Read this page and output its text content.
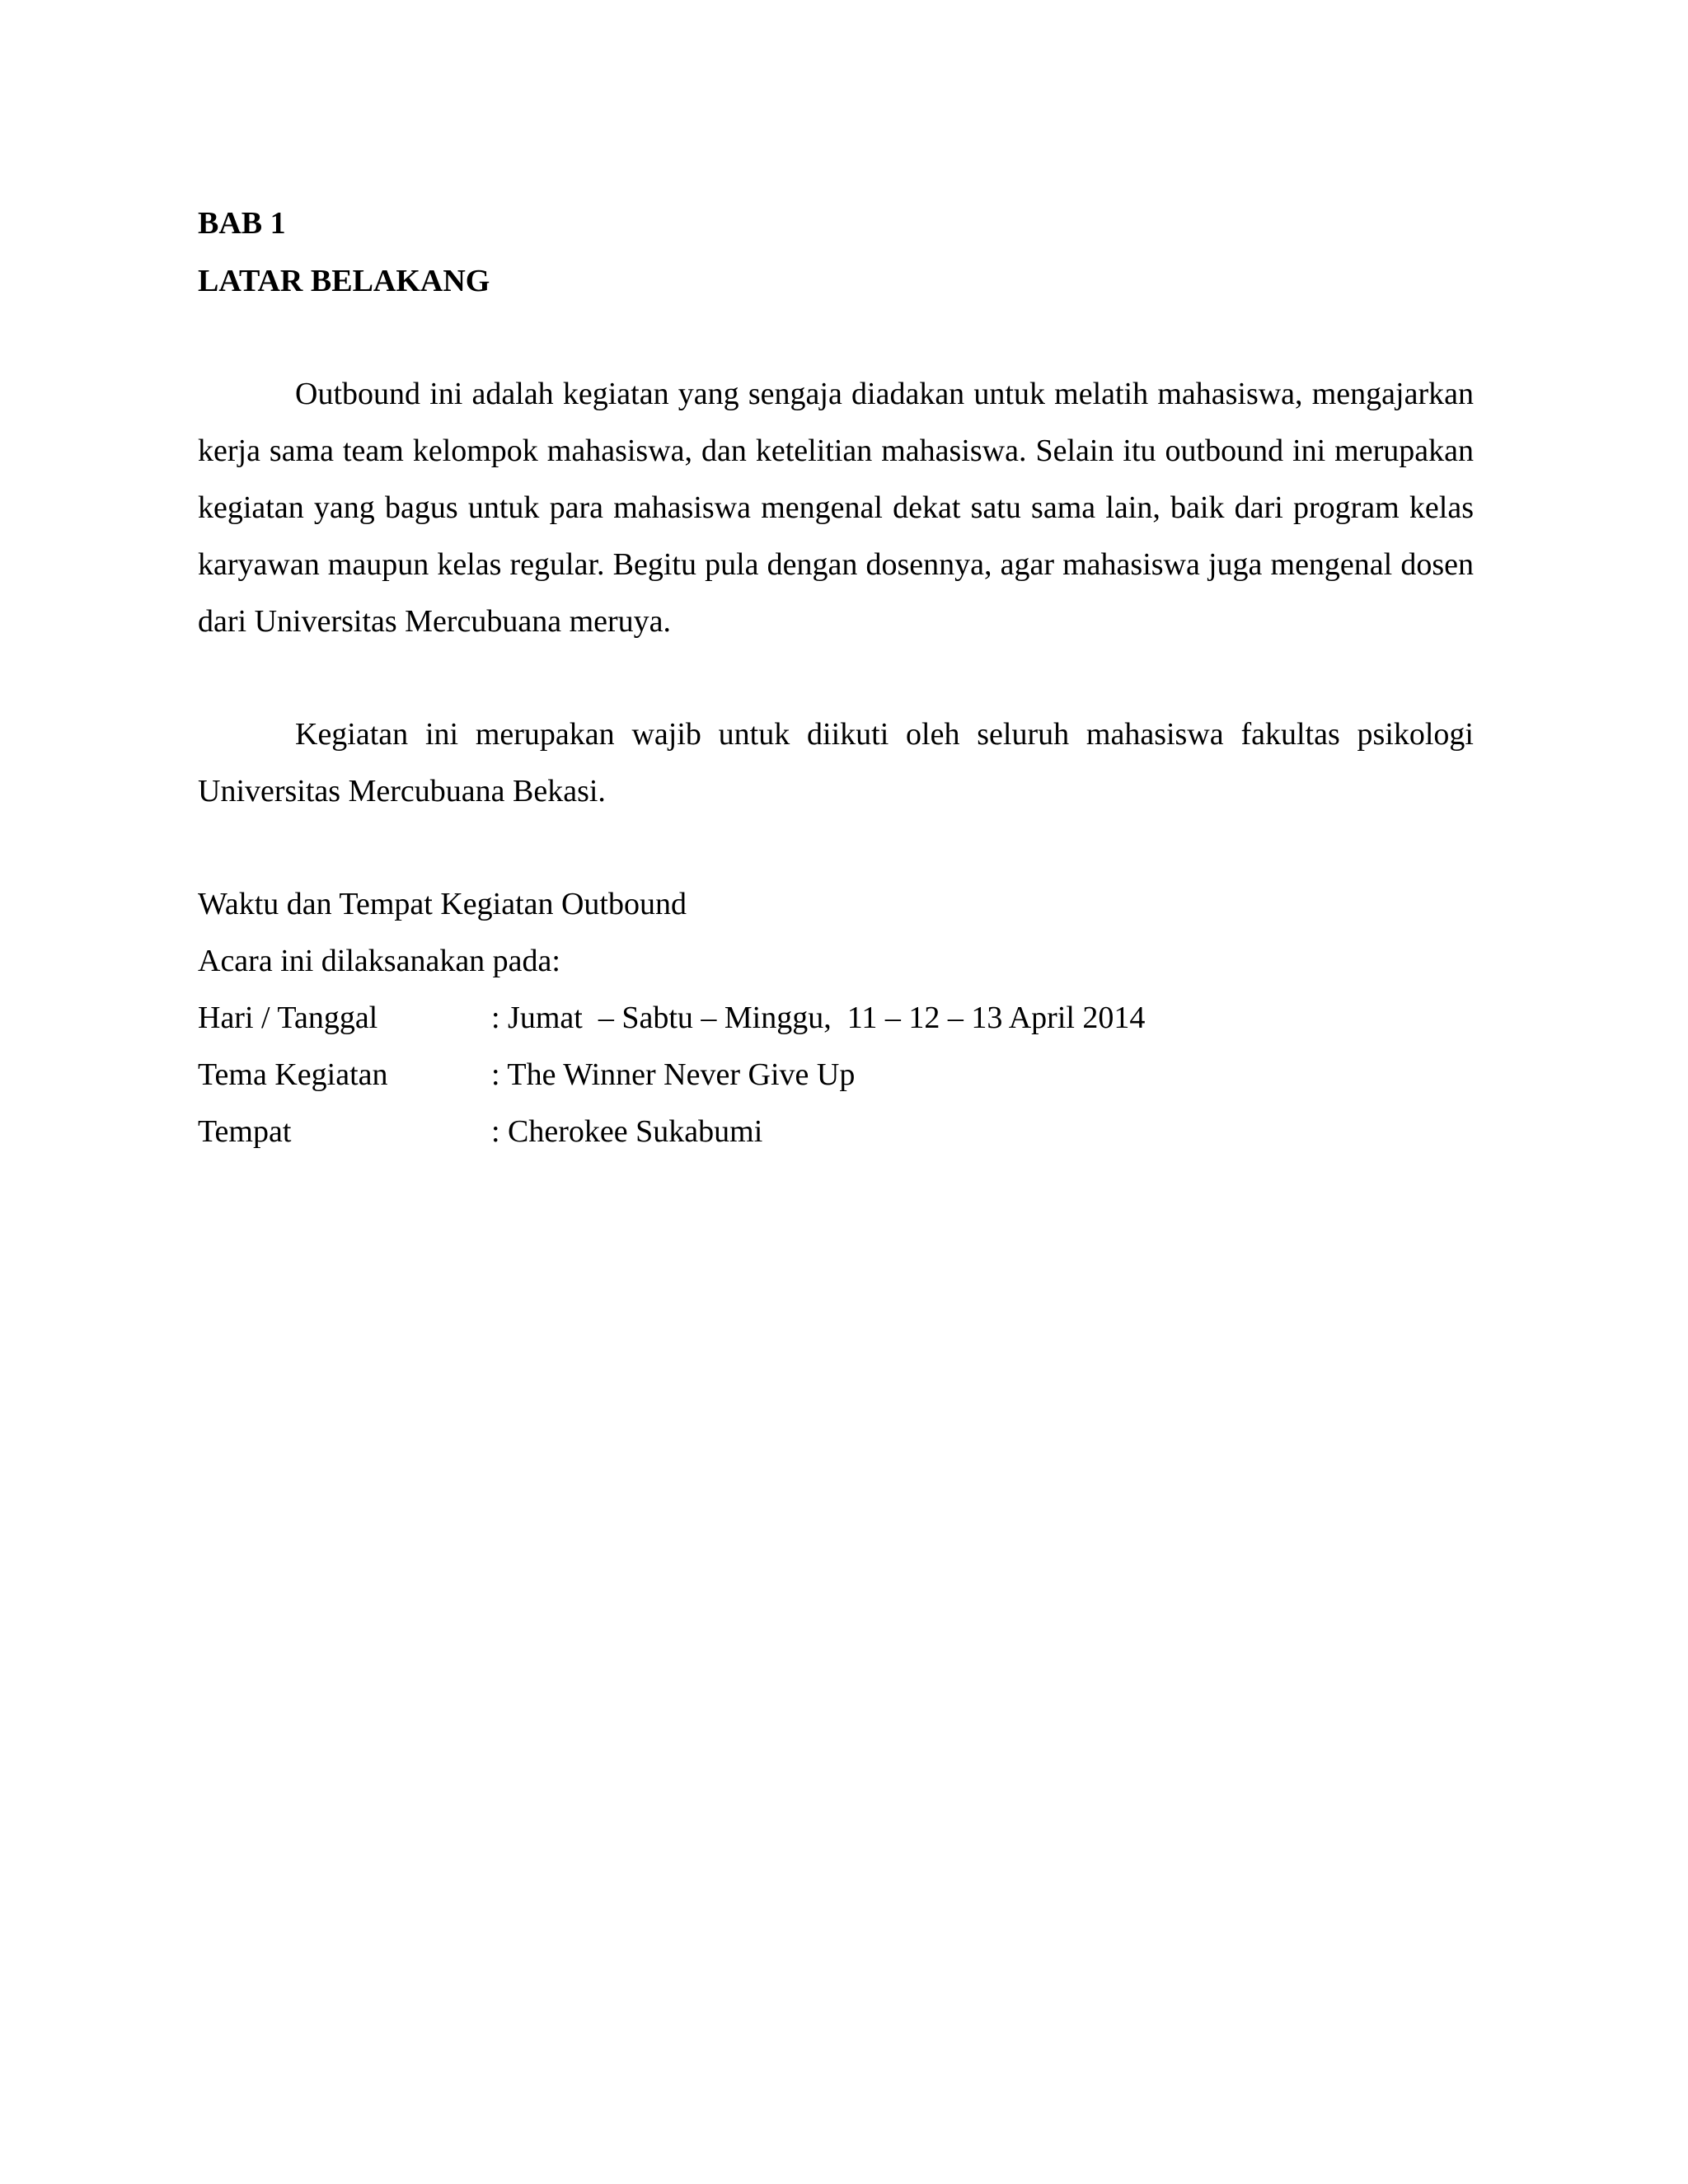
BAB 1

LATAR BELAKANG

Outbound ini adalah kegiatan yang sengaja diadakan untuk melatih mahasiswa, mengajarkan kerja sama team kelompok mahasiswa, dan ketelitian mahasiswa. Selain itu outbound ini merupakan kegiatan yang bagus untuk para mahasiswa mengenal dekat satu sama lain, baik dari program kelas karyawan maupun kelas regular. Begitu pula dengan dosennya, agar mahasiswa juga mengenal dosen dari Universitas Mercubuana meruya.

Kegiatan ini merupakan wajib untuk diikuti oleh seluruh mahasiswa fakultas psikologi Universitas Mercubuana Bekasi.

Waktu dan Tempat Kegiatan Outbound

Acara ini dilaksanakan pada:

Hari / Tanggal	: Jumat  – Sabtu – Minggu,  11 – 12 – 13 April 2014
Tema Kegiatan	: The Winner Never Give Up
Tempat	: Cherokee Sukabumi
